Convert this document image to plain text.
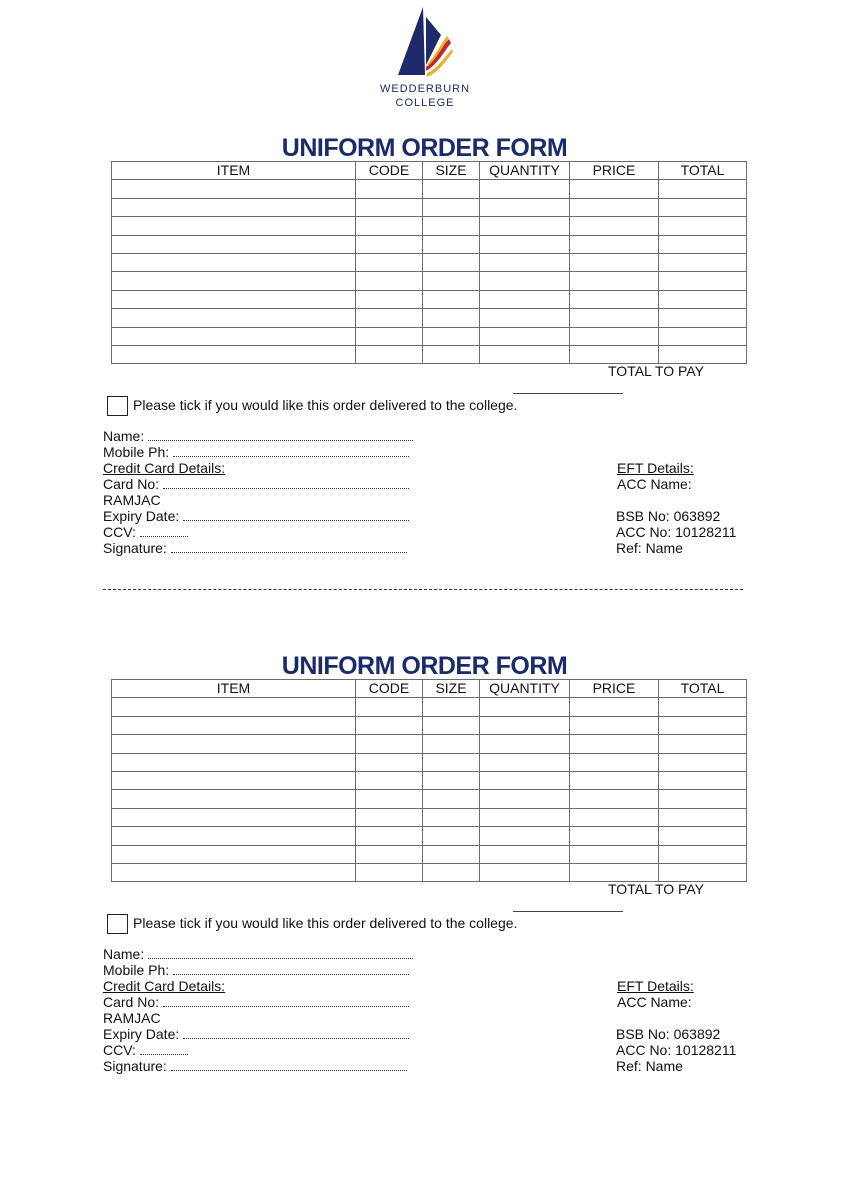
WEDDERBURN
COLLEGE
UNIFORM ORDER FORM
ITEM	CODE	SIZE	QUANTITY	PRICE	TOTAL

TOTAL TO PAY
Please tick if you would like this order delivered to the college.
Name:
Mobile Ph:
Credit Card Details:
Card No:
RAMJAC
Expiry Date:
CCV:
Signature:
EFT Details:
ACC Name:
BSB No: 063892
ACC No: 10128211
Ref: Name
UNIFORM ORDER FORM
ITEM	CODE	SIZE	QUANTITY	PRICE	TOTAL

TOTAL TO PAY
Please tick if you would like this order delivered to the college.
Name:
Mobile Ph:
Credit Card Details:
Card No:
RAMJAC
Expiry Date:
CCV:
Signature:
EFT Details:
ACC Name:
BSB No: 063892
ACC No: 10128211
Ref: Name
